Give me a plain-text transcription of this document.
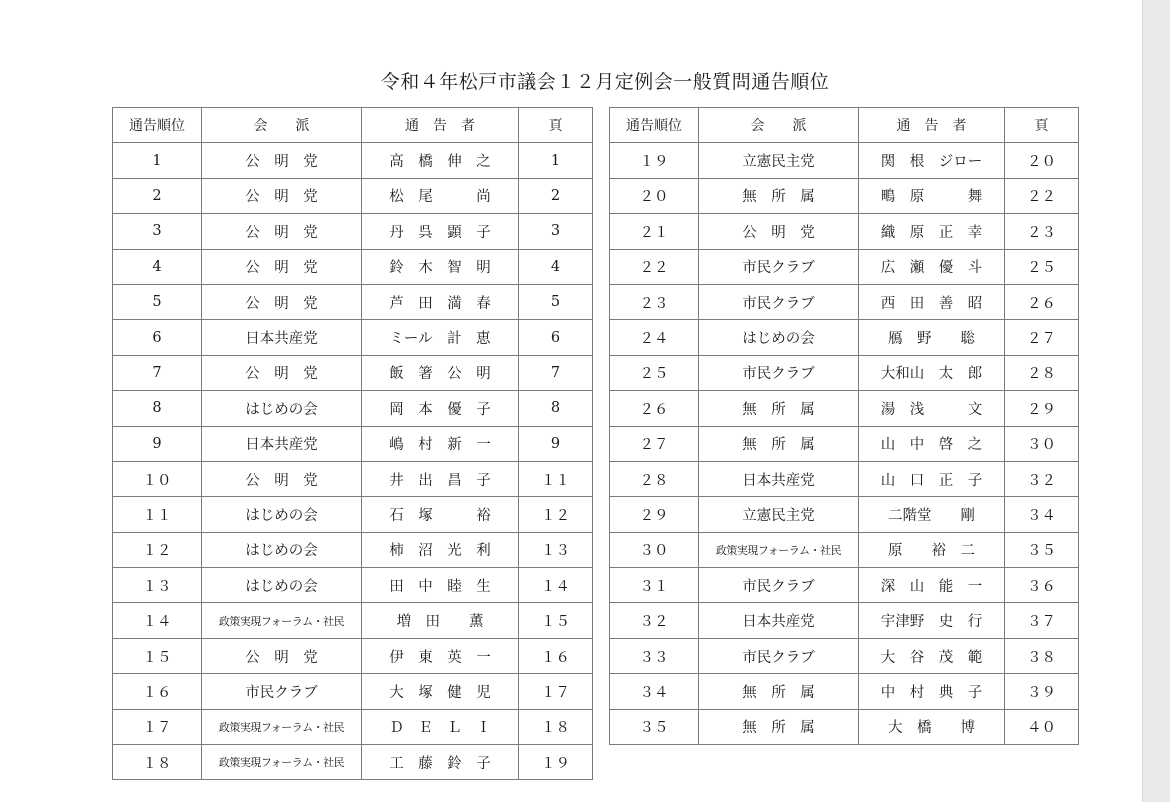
令和４年松戸市議会１２月定例会一般質問通告順位
通告順位	会　　派	通　告　者	頁
1	公　明　党	高　橋　伸　之	1
2	公　明　党	松　尾　　　尚	2
3	公　明　党	丹　呉　顕　子	3
4	公　明　党	鈴　木　智　明	4
5	公　明　党	芦　田　満　春	5
6	日本共産党	ミール　計　恵	6
7	公　明　党	飯　箸　公　明	7
8	はじめの会	岡　本　優　子	8
9	日本共産党	嶋　村　新　一	9
１０	公　明　党	井　出　昌　子	１１
１１	はじめの会	石　塚　　　裕	１２
１２	はじめの会	柿　沼　光　利	１３
１３	はじめの会	田　中　睦　生	１４
１４	政策実現フォーラム・社民	増　田　　薫	１５
１５	公　明　党	伊　東　英　一	１６
１６	市民クラブ	大　塚　健　児	１７
１７	政策実現フォーラム・社民	Ｄ　Ｅ　Ｌ　Ｉ	１８
１８	政策実現フォーラム・社民	工　藤　鈴　子	１９
通告順位	会　　派	通　告　者	頁
１９	立憲民主党	関　根　ジロー	２０
２０	無　所　属	鴫　原　　　舞	２２
２１	公　明　党	織　原　正　幸	２３
２２	市民クラブ	広　瀬　優　斗	２５
２３	市民クラブ	西　田　善　昭	２６
２４	はじめの会	鴈　野　　聡	２７
２５	市民クラブ	大和山　太　郎	２８
２６	無　所　属	湯　浅　　　文	２９
２７	無　所　属	山　中　啓　之	３０
２８	日本共産党	山　口　正　子	３２
２９	立憲民主党	二階堂　　剛	３４
３０	政策実現フォーラム・社民	原　　裕　二	３５
３１	市民クラブ	深　山　能　一	３６
３２	日本共産党	宇津野　史　行	３７
３３	市民クラブ	大　谷　茂　範	３８
３４	無　所　属	中　村　典　子	３９
３５	無　所　属	大　橋　　博	４０
